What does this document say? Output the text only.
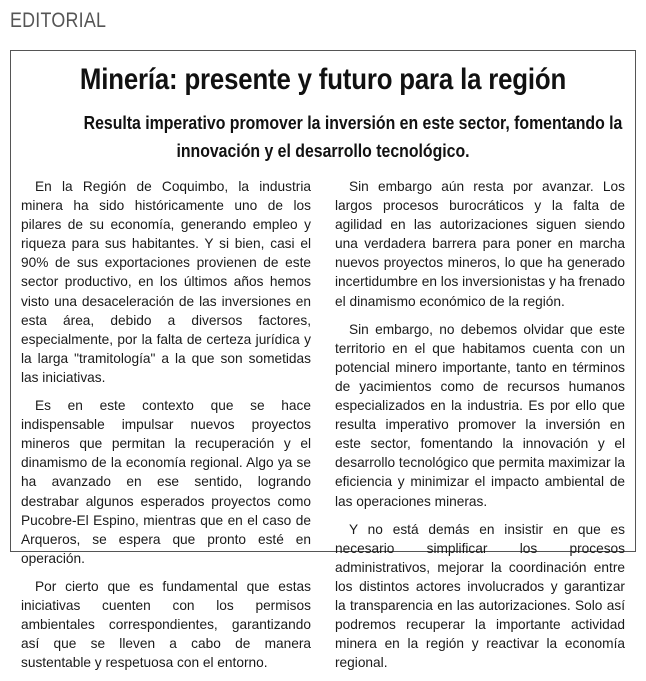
EDITORIAL
Minería: presente y futuro para la región
Resulta imperativo promover la inversión en este sector, fomentando la
innovación y el desarrollo tecnológico.

En la Región de Coquimbo, la industria minera ha sido históricamente uno de los pilares de su economía, generando empleo y riqueza para sus habitantes. Y si bien, casi el 90% de sus exportaciones provienen de este sector productivo, en los últimos años hemos visto una desaceleración de las inversiones en esta área, debido a diversos factores, especialmente, por la falta de certeza jurídica y la larga "tramitología" a la que son sometidas las iniciativas.

Es en este contexto que se hace indispensable impulsar nuevos proyectos mineros que permitan la recuperación y el dinamismo de la economía regional. Algo ya se ha avanzado en ese sentido, logrando destrabar algunos esperados proyectos como Pucobre-El Espino, mientras que en el caso de Arqueros, se espera que pronto esté en operación.

Por cierto que es fundamental que estas iniciativas cuenten con los permisos ambientales correspondientes, garantizando así que se lleven a cabo de manera sustentable y respetuosa con el entorno.

Sin embargo aún resta por avanzar. Los largos procesos burocráticos y la falta de agilidad en las autorizaciones siguen siendo una verdadera barrera para poner en marcha nuevos proyectos mineros, lo que ha generado incertidumbre en los inversionistas y ha frenado el dinamismo económico de la región.

Sin embargo, no debemos olvidar que este territorio en el que habitamos cuenta con un potencial minero importante, tanto en términos de yacimientos como de recursos humanos especializados en la industria. Es por ello que resulta imperativo promover la inversión en este sector, fomentando la innovación y el desarrollo tecnológico que permita maximizar la eficiencia y minimizar el impacto ambiental de las operaciones mineras.

Y no está demás en insistir en que es necesario simplificar los procesos administrativos, mejorar la coordinación entre los distintos actores involucrados y garantizar la transparencia en las autorizaciones. Solo así podremos recuperar la importante actividad minera en la región y reactivar la economía regional.
